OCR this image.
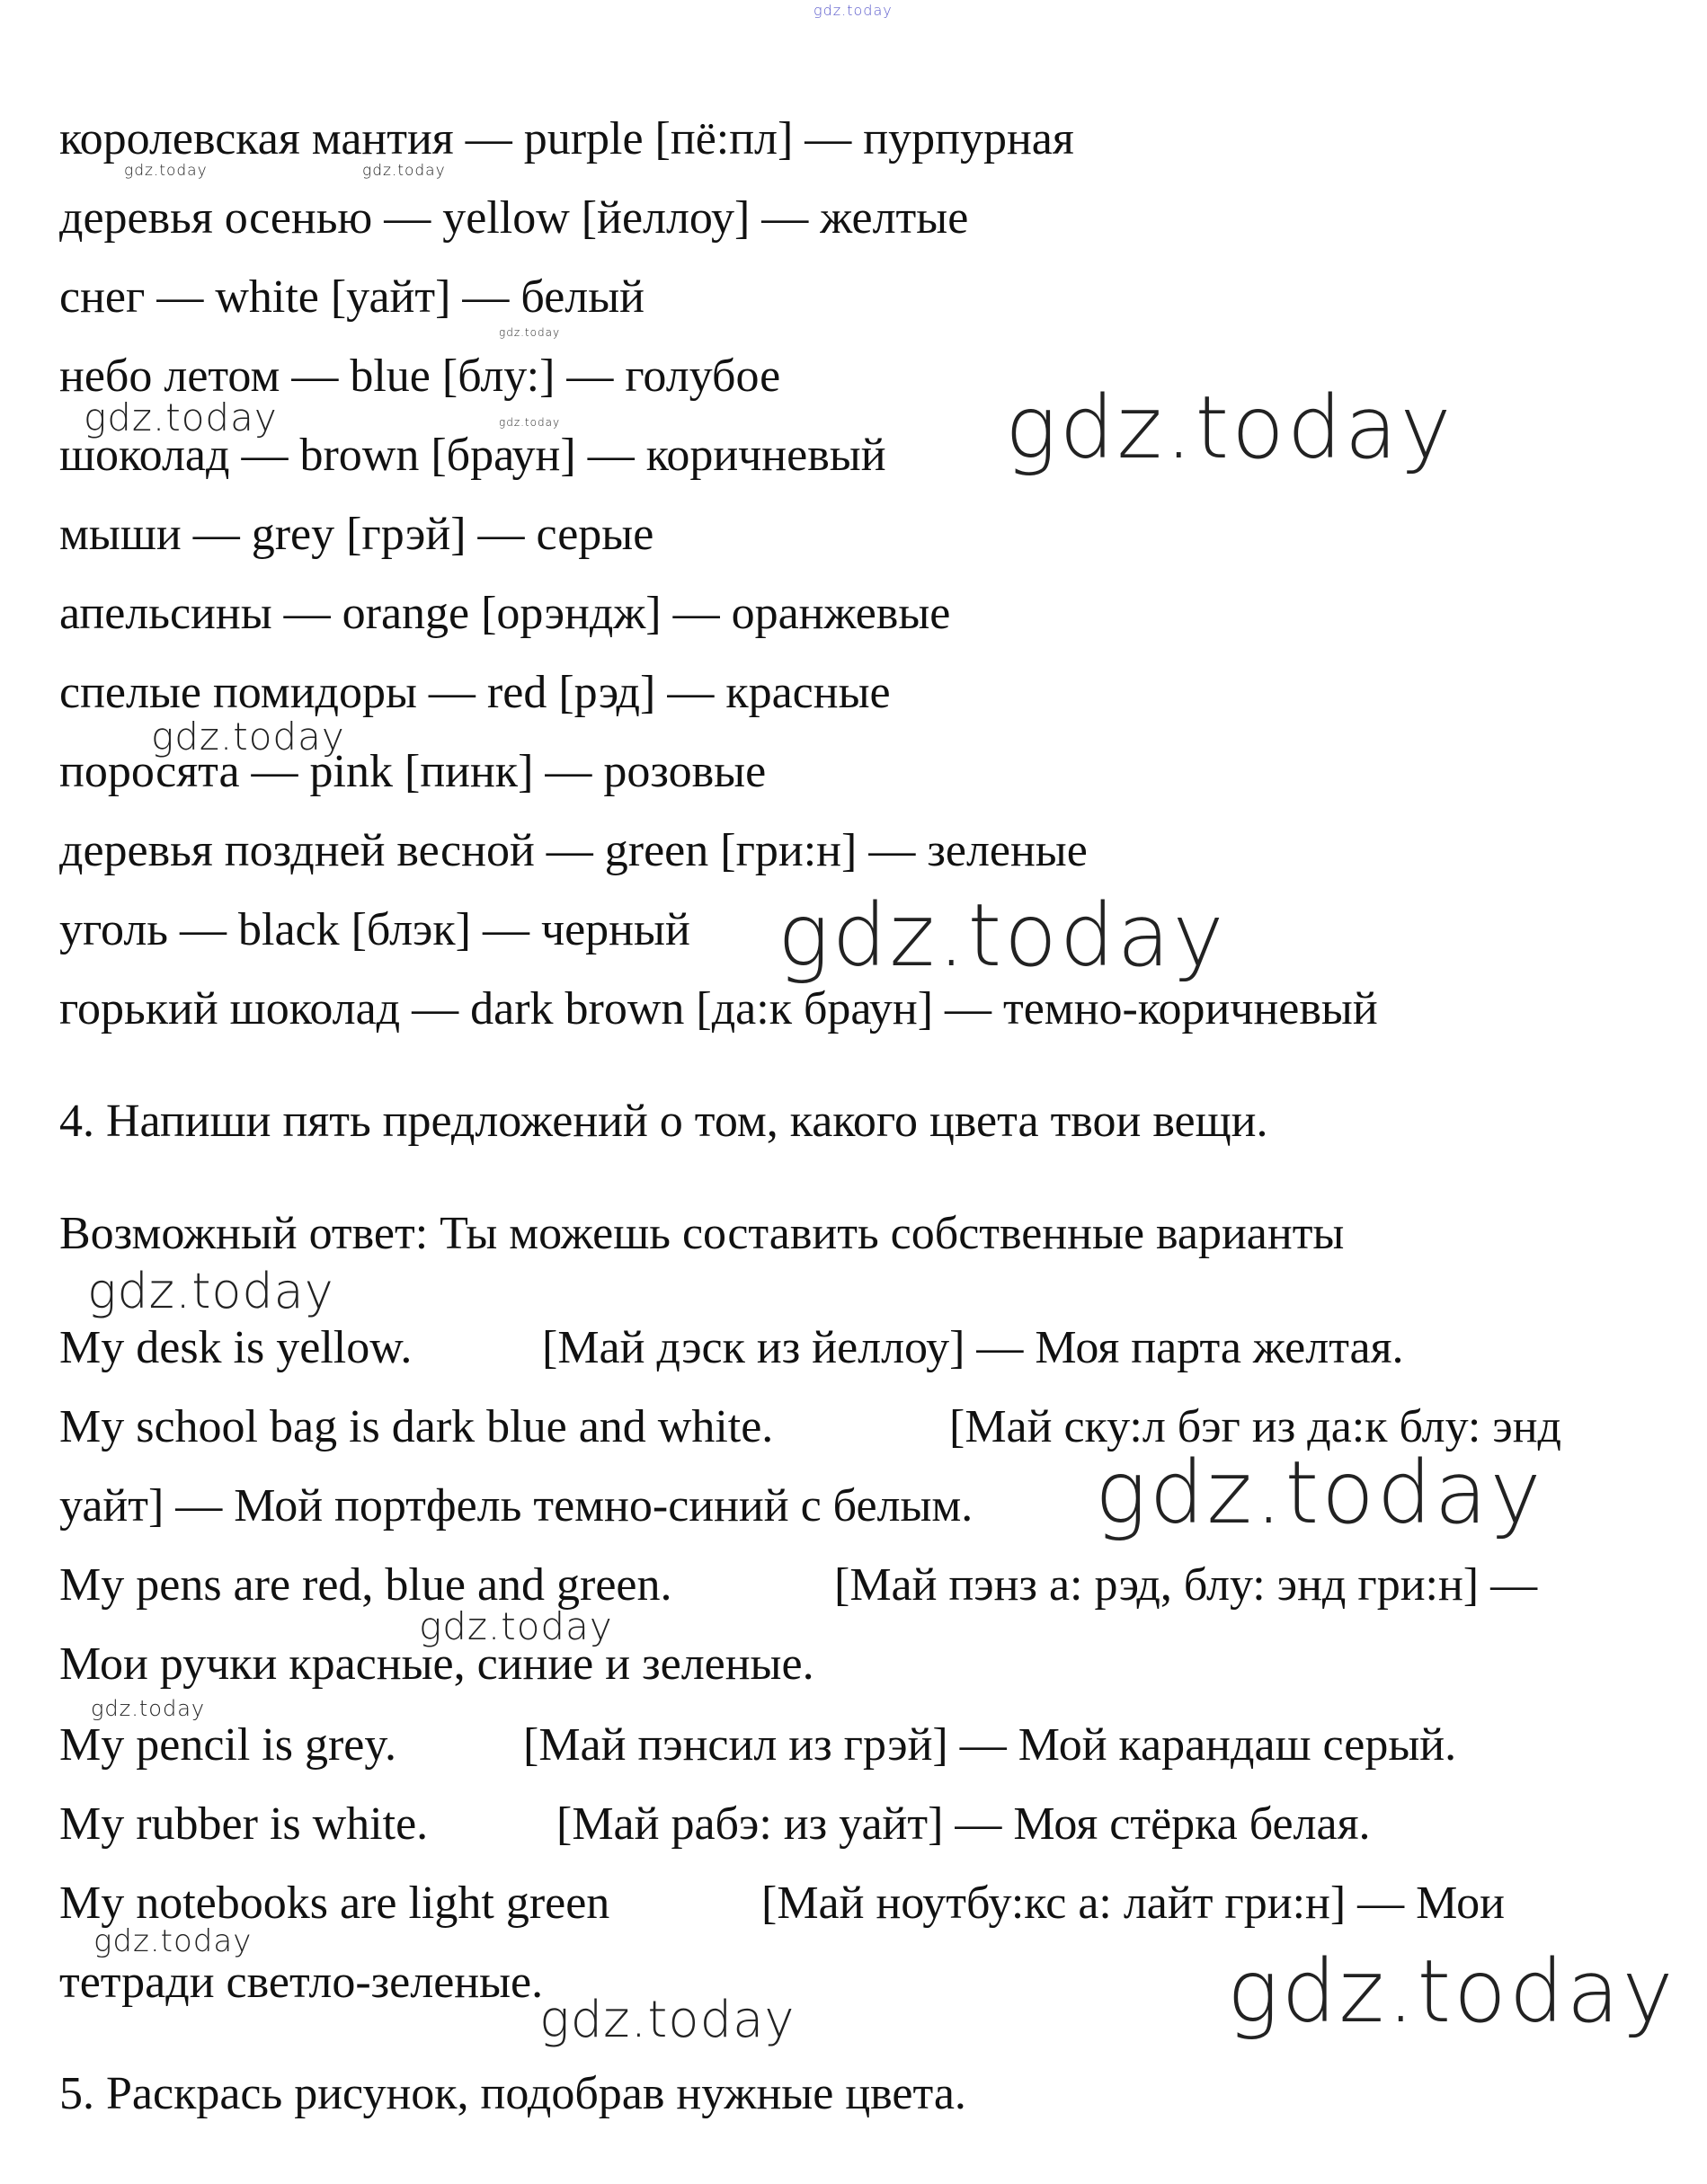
gdz.today
королевская мантия — purple [пё:пл] — пурпурная
деревья осенью — yellow [йеллоу] — желтые
снег — white [уайт] — белый
небо летом — blue [блу:] — голубое
шоколад — brown [браун] — коричневый
мыши — grey [грэй] — серые
апельсины — orange [орэндж] — оранжевые
спелые помидоры — red [рэд] — красные
поросята — pink [пинк] — розовые
деревья поздней весной — green [гри:н] — зеленые
уголь — black [блэк] — черный
горький шоколад — dark brown [да:к браун] — темно-коричневый
4. Напиши пять предложений о том, какого цвета твои вещи.
Возможный ответ: Ты можешь составить собственные варианты
My desk is yellow.	[Май дэск из йеллоу] — Моя парта желтая.
My school bag is dark blue and white.	[Май ску:л бэг из да:к блу: энд
уайт] — Мой портфель темно-синий с белым.
My pens are red, blue and green.	[Май пэнз а: рэд, блу: энд гри:н] —
Мои ручки красные, синие и зеленые.
My pencil is grey.	[Май пэнсил из грэй] — Мой карандаш серый.
My rubber is white.	[Май рабэ: из уайт] — Моя стёрка белая.
My notebooks are light green	[Май ноутбу:кс а: лайт гри:н] — Мои
тетради светло-зеленые.
5. Раскрась рисунок, подобрав нужные цвета.
gdz.today	gdz.today
gdz.today
gdz.today
gdz.today	gdz.today
gdz.today
gdz.today
gdz.today
gdz.today
gdz.today
gdz.today
gdz.today
gdz.today	gdz.today
